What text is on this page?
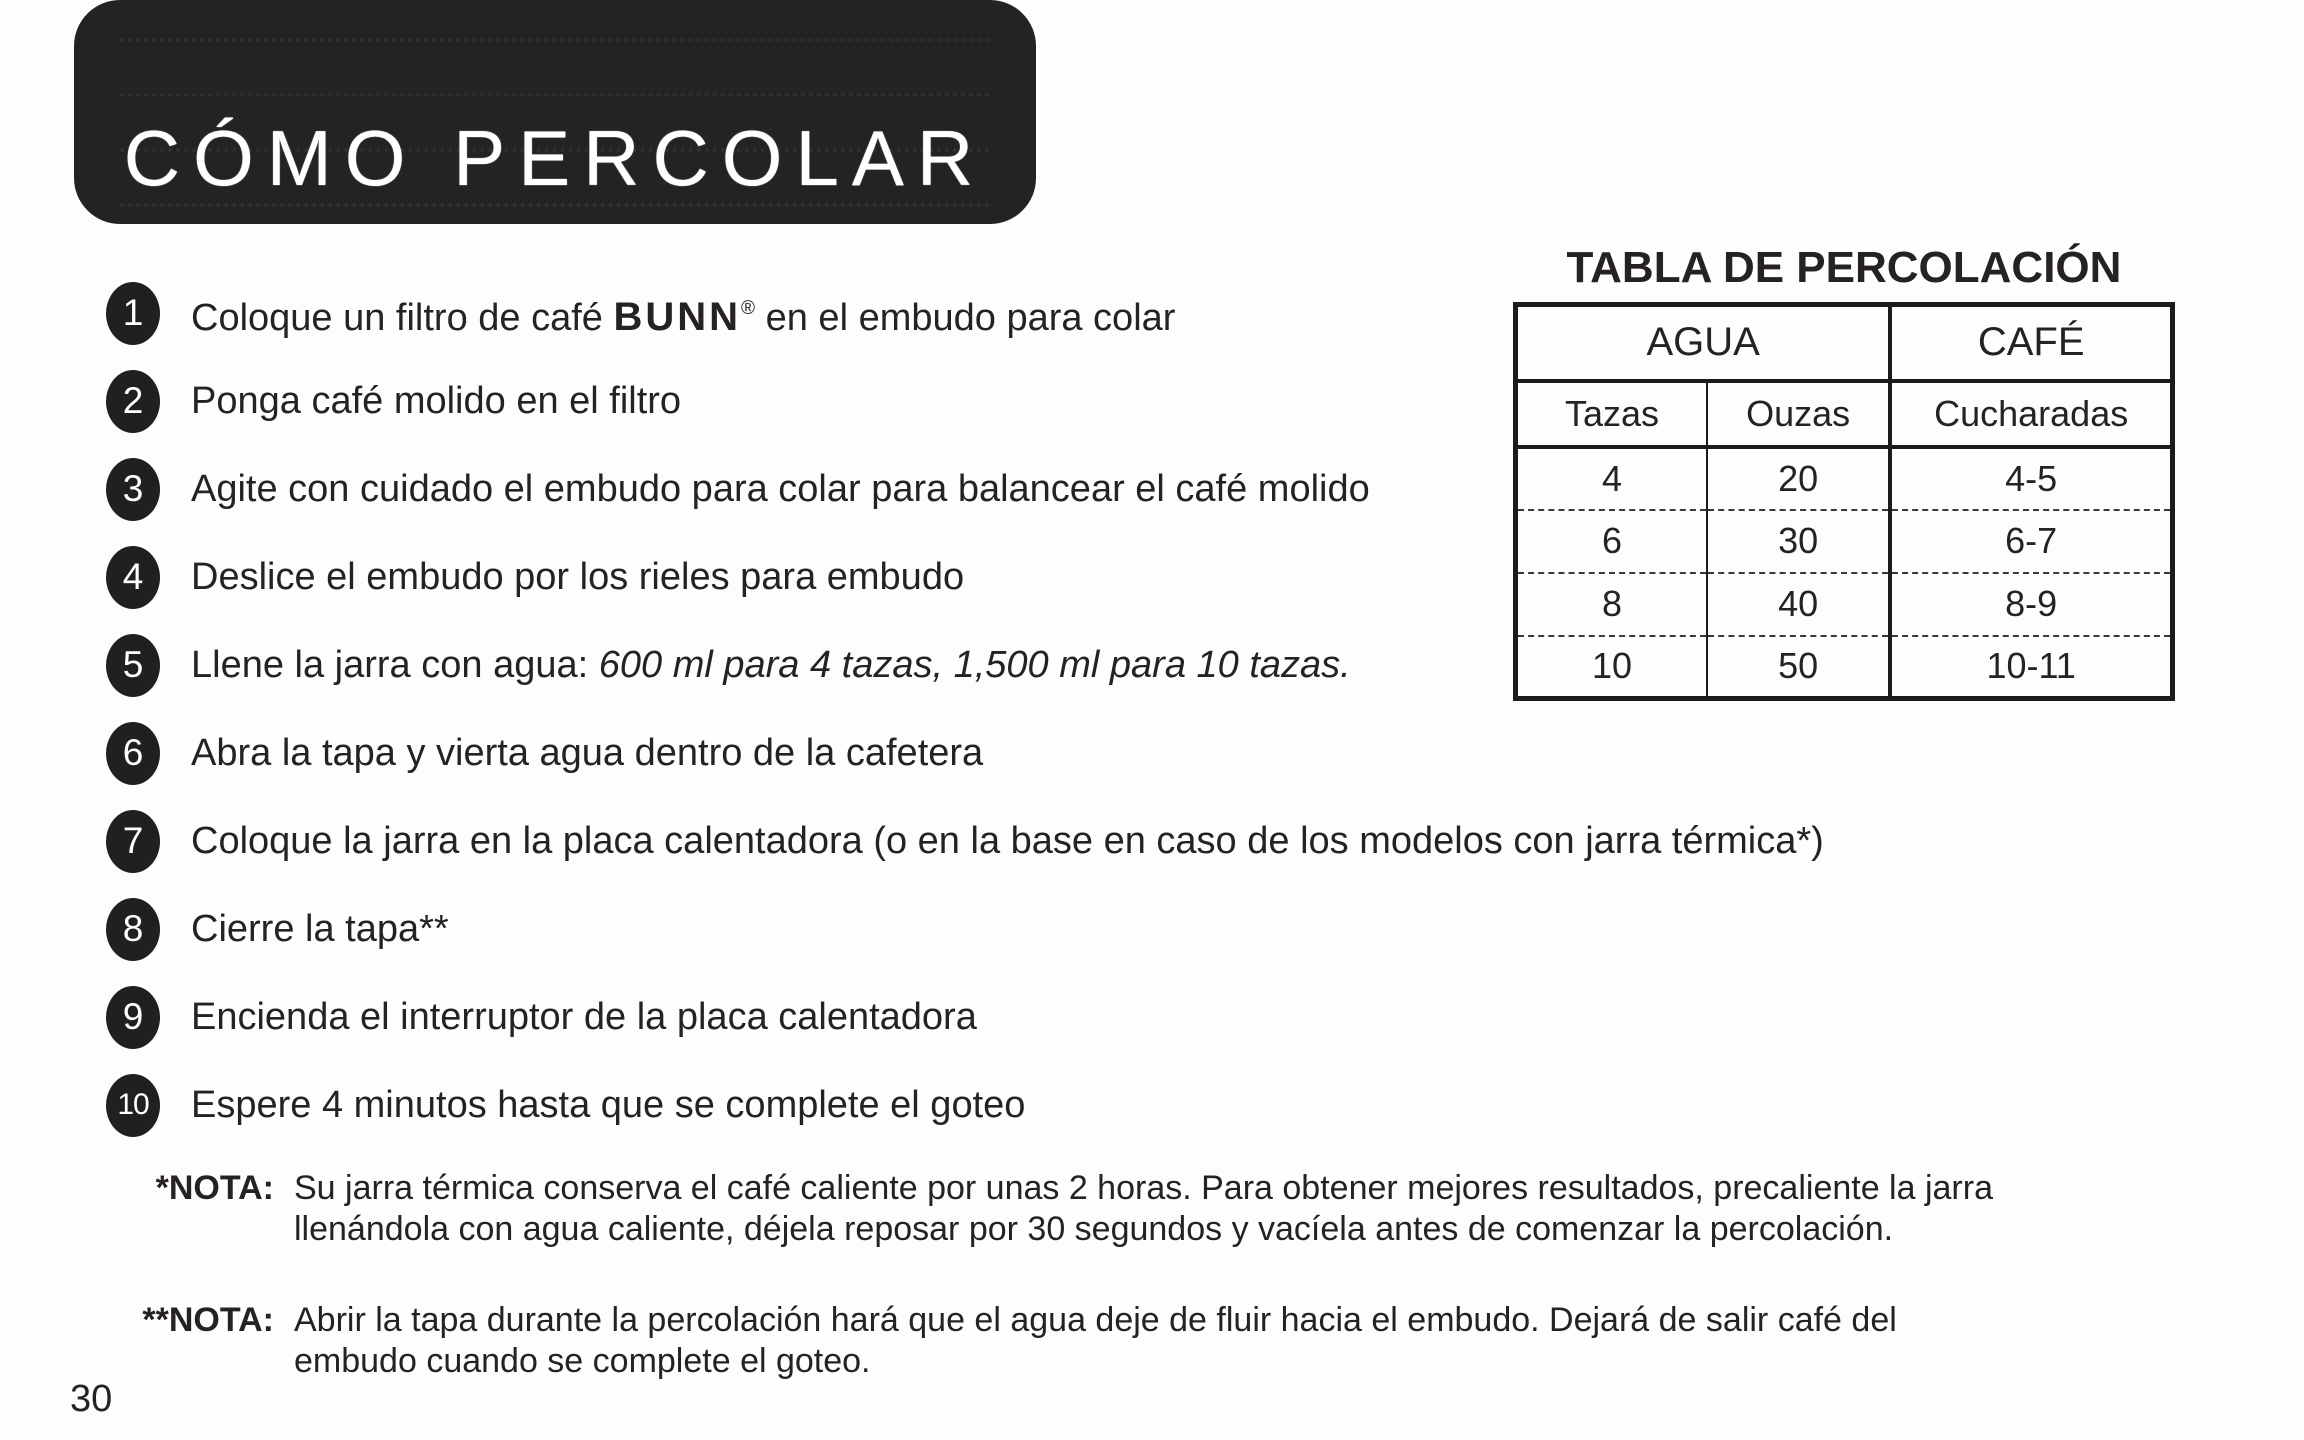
CÓMO PERCOLAR
1 Coloque un filtro de café BUNN® en el embudo para colar
2 Ponga café molido en el filtro
3 Agite con cuidado el embudo para colar para balancear el café molido
4 Deslice el embudo por los rieles para embudo
5 Llene la jarra con agua: 600 ml para 4 tazas, 1,500 ml para 10 tazas.
6 Abra la tapa y vierta agua dentro de la cafetera
7 Coloque la jarra en la placa calentadora (o en la base en caso de los modelos con jarra térmica*)
8 Cierre la tapa**
9 Encienda el interruptor de la placa calentadora
10 Espere 4 minutos hasta que se complete el goteo
TABLA DE PERCOLACIÓN
AGUA		CAFÉ
Tazas	Ouzas	Cucharadas
4	20	4-5
6	30	6-7
8	40	8-9
10	50	10-11
*NOTA: Su jarra térmica conserva el café caliente por unas 2 horas. Para obtener mejores resultados, precaliente la jarra
llenándola con agua caliente, déjela reposar por 30 segundos y vacíela antes de comenzar la percolación.
**NOTA: Abrir la tapa durante la percolación hará que el agua deje de fluir hacia el embudo. Dejará de salir café del
embudo cuando se complete el goteo.
30
